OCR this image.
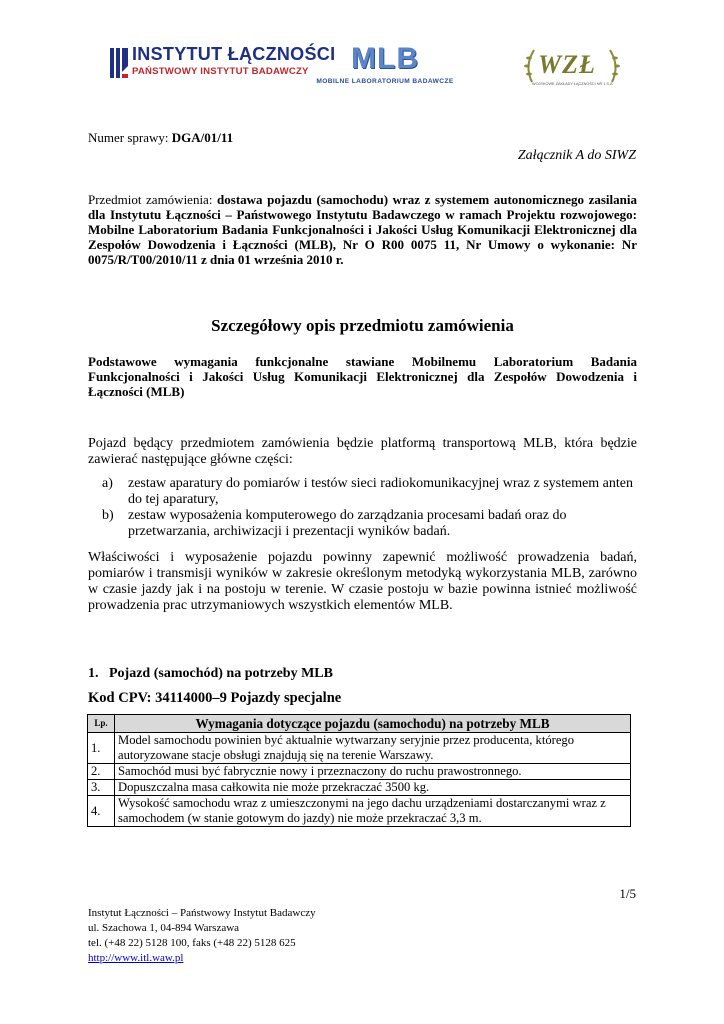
INSTYTUT ŁĄCZNOŚCI
PAŃSTWOWY INSTYTUT BADAWCZY	MLB
MOBILNE LABORATORIUM BADAWCZE
WZŁ
WOJSKOWE ZAKŁADY ŁĄCZNOŚCI NR 1 S.A.
Numer sprawy: DGA/01/11
Załącznik A do SIWZ
Przedmiot zamówienia: dostawa pojazdu (samochodu) wraz z systemem autonomicznego zasilania dla Instytutu Łączności – Państwowego Instytutu Badawczego w ramach Projektu rozwojowego: Mobilne Laboratorium Badania Funkcjonalności i Jakości Usług Komunikacji Elektronicznej dla Zespołów Dowodzenia i Łączności (MLB), Nr O R00 0075 11, Nr Umowy o wykonanie: Nr 0075/R/T00/2010/11 z dnia 01 września 2010 r.
Szczegółowy opis przedmiotu zamówienia
Podstawowe wymagania funkcjonalne stawiane Mobilnemu Laboratorium Badania Funkcjonalności i Jakości Usług Komunikacji Elektronicznej dla Zespołów Dowodzenia i Łączności (MLB)
Pojazd będący przedmiotem zamówienia będzie platformą transportową MLB, która będzie zawierać następujące główne części:
a)	zestaw aparatury do pomiarów i testów sieci radiokomunikacyjnej wraz z systemem anten do tej aparatury,
b)	zestaw wyposażenia komputerowego do zarządzania procesami badań oraz do przetwarzania, archiwizacji i prezentacji wyników badań.
Właściwości i wyposażenie pojazdu powinny zapewnić możliwość prowadzenia badań, pomiarów i transmisji wyników w zakresie określonym metodyką wykorzystania MLB, zarówno w czasie jazdy jak i na postoju w terenie. W czasie postoju w bazie powinna istnieć możliwość prowadzenia prac utrzymaniowych wszystkich elementów MLB.
1. Pojazd (samochód) na potrzeby MLB
Kod CPV: 34114000–9 Pojazdy specjalne
Lp.	Wymagania dotyczące pojazdu (samochodu) na potrzeby MLB
1.	Model samochodu powinien być aktualnie wytwarzany seryjnie przez producenta, którego autoryzowane stacje obsługi znajdują się na terenie Warszawy.
2.	Samochód musi być fabrycznie nowy i przeznaczony do ruchu prawostronnego.
3.	Dopuszczalna masa całkowita nie może przekraczać 3500 kg.
4.	Wysokość samochodu wraz z umieszczonymi na jego dachu urządzeniami dostarczanymi wraz z samochodem (w stanie gotowym do jazdy) nie może przekraczać 3,3 m.
1/5
Instytut Łączności – Państwowy Instytut Badawczy
ul. Szachowa 1, 04-894 Warszawa
tel. (+48 22) 5128 100, faks (+48 22) 5128 625
http://www.itl.waw.pl
